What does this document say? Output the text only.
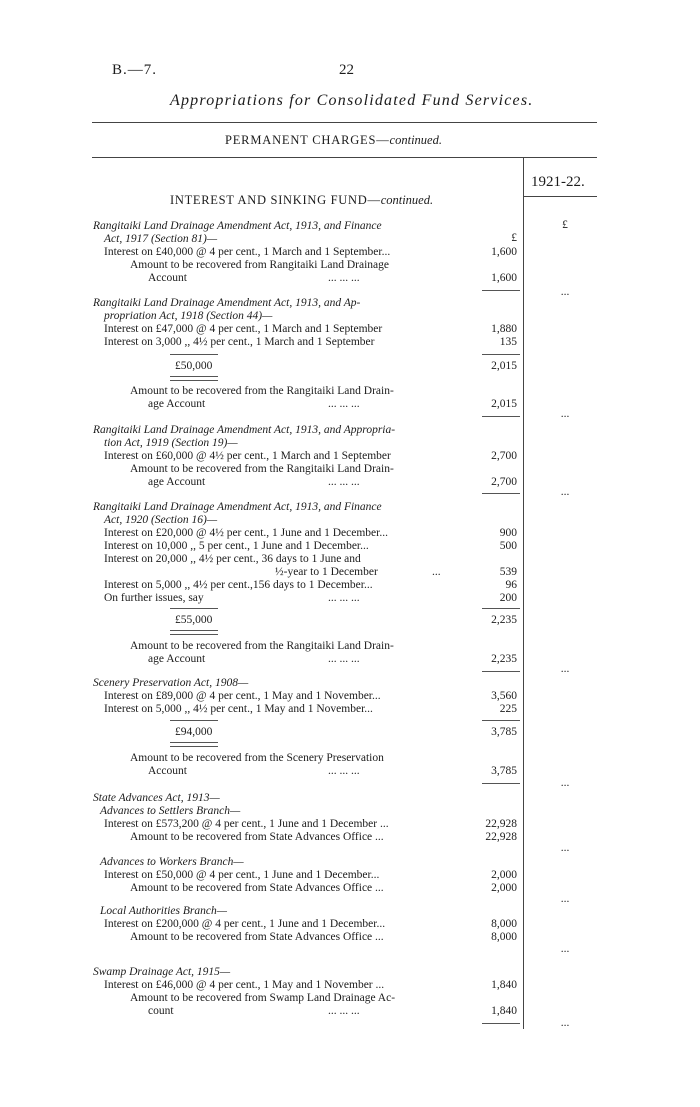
B.—7.	22
Appropriations for Consolidated Fund Services.
PERMANENT CHARGES—continued.
1921-22.
£
INTEREST AND SINKING FUND—continued.
Rangitaiki Land Drainage Amendment Act, 1913, and Finance
Act, 1917 (Section 81)—	£
Interest on £40,000 @ 4 per cent., 1 March and 1 September...	1,600
Amount to be recovered from Rangitaiki Land Drainage
Account	... ... ...	1,600
...
Rangitaiki Land Drainage Amendment Act, 1913, and Ap-
propriation Act, 1918 (Section 44)—
Interest on £47,000 @ 4 per cent., 1 March and 1 September	1,880
Interest on 3,000 ,, 4½ per cent., 1 March and 1 September	135
£50,000	2,015
Amount to be recovered from the Rangitaiki Land Drain-
age Account	... ... ...	2,015
...
Rangitaiki Land Drainage Amendment Act, 1913, and Appropria-
tion Act, 1919 (Section 19)—
Interest on £60,000 @ 4½ per cent., 1 March and 1 September	2,700
Amount to be recovered from the Rangitaiki Land Drain-
age Account	... ... ...	2,700
...
Rangitaiki Land Drainage Amendment Act, 1913, and Finance
Act, 1920 (Section 16)—
Interest on £20,000 @ 4½ per cent., 1 June and 1 December...	900
Interest on 10,000 ,, 5 per cent., 1 June and 1 December...	500
Interest on 20,000 ,, 4½ per cent., 36 days to 1 June and
½-year to 1 December	...	539
Interest on 5,000 ,, 4½ per cent.,156 days to 1 December...	96
On further issues, say	... ... ...	200
£55,000	2,235
Amount to be recovered from the Rangitaiki Land Drain-
age Account	... ... ...	2,235
...
Scenery Preservation Act, 1908—
Interest on £89,000 @ 4 per cent., 1 May and 1 November...	3,560
Interest on 5,000 ,, 4½ per cent., 1 May and 1 November...	225
£94,000	3,785
Amount to be recovered from the Scenery Preservation
Account	... ... ...	3,785
...
State Advances Act, 1913—
Advances to Settlers Branch—
Interest on £573,200 @ 4 per cent., 1 June and 1 December ...	22,928
Amount to be recovered from State Advances Office ...	22,928
...
Advances to Workers Branch—
Interest on £50,000 @ 4 per cent., 1 June and 1 December...	2,000
Amount to be recovered from State Advances Office ...	2,000
...
Local Authorities Branch—
Interest on £200,000 @ 4 per cent., 1 June and 1 December...	8,000
Amount to be recovered from State Advances Office ...	8,000
...
Swamp Drainage Act, 1915—
Interest on £46,000 @ 4 per cent., 1 May and 1 November ...	1,840
Amount to be recovered from Swamp Land Drainage Ac-
count	... ... ...	1,840
...
